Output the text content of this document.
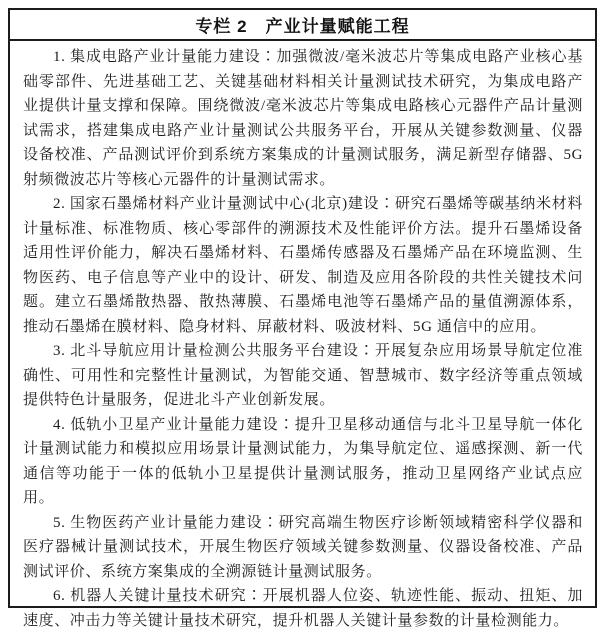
专栏 2　产业计量赋能工程

1. 集成电路产业计量能力建设∶加强微波/毫米波芯片等集成电路产业核心基础零部件、先进基础工艺、关键基础材料相关计量测试技术研究，为集成电路产业提供计量支撑和保障。围绕微波/毫米波芯片等集成电路核心元器件产品计量测试需求，搭建集成电路产业计量测试公共服务平台，开展从关键参数测量、仪器设备校准、产品测试评价到系统方案集成的计量测试服务，满足新型存储器、5G 射频微波芯片等核心元器件的计量测试需求。

2. 国家石墨烯材料产业计量测试中心(北京)建设∶研究石墨烯等碳基纳米材料计量标准、标准物质、核心零部件的溯源技术及性能评价方法。提升石墨烯设备适用性评价能力，解决石墨烯材料、石墨烯传感器及石墨烯产品在环境监测、生物医药、电子信息等产业中的设计、研发、制造及应用各阶段的共性关键技术问题。建立石墨烯散热器、散热薄膜、石墨烯电池等石墨烯产品的量值溯源体系，推动石墨烯在膜材料、隐身材料、屏蔽材料、吸波材料、5G 通信中的应用。

3. 北斗导航应用计量检测公共服务平台建设∶开展复杂应用场景导航定位准确性、可用性和完整性计量测试，为智能交通、智慧城市、数字经济等重点领域提供特色计量服务，促进北斗产业创新发展。

4. 低轨小卫星产业计量能力建设∶提升卫星移动通信与北斗卫星导航一体化计量测试能力和模拟应用场景计量测试能力，为集导航定位、遥感探测、新一代通信等功能于一体的低轨小卫星提供计量测试服务，推动卫星网络产业试点应用。

5. 生物医药产业计量能力建设∶研究高端生物医疗诊断领域精密科学仪器和医疗器械计量测试技术，开展生物医疗领域关键参数测量、仪器设备校准、产品测试评价、系统方案集成的全溯源链计量测试服务。

6. 机器人关键计量技术研究∶开展机器人位姿、轨迹性能、振动、扭矩、加速度、冲击力等关键计量技术研究，提升机器人关键计量参数的计量检测能力。
